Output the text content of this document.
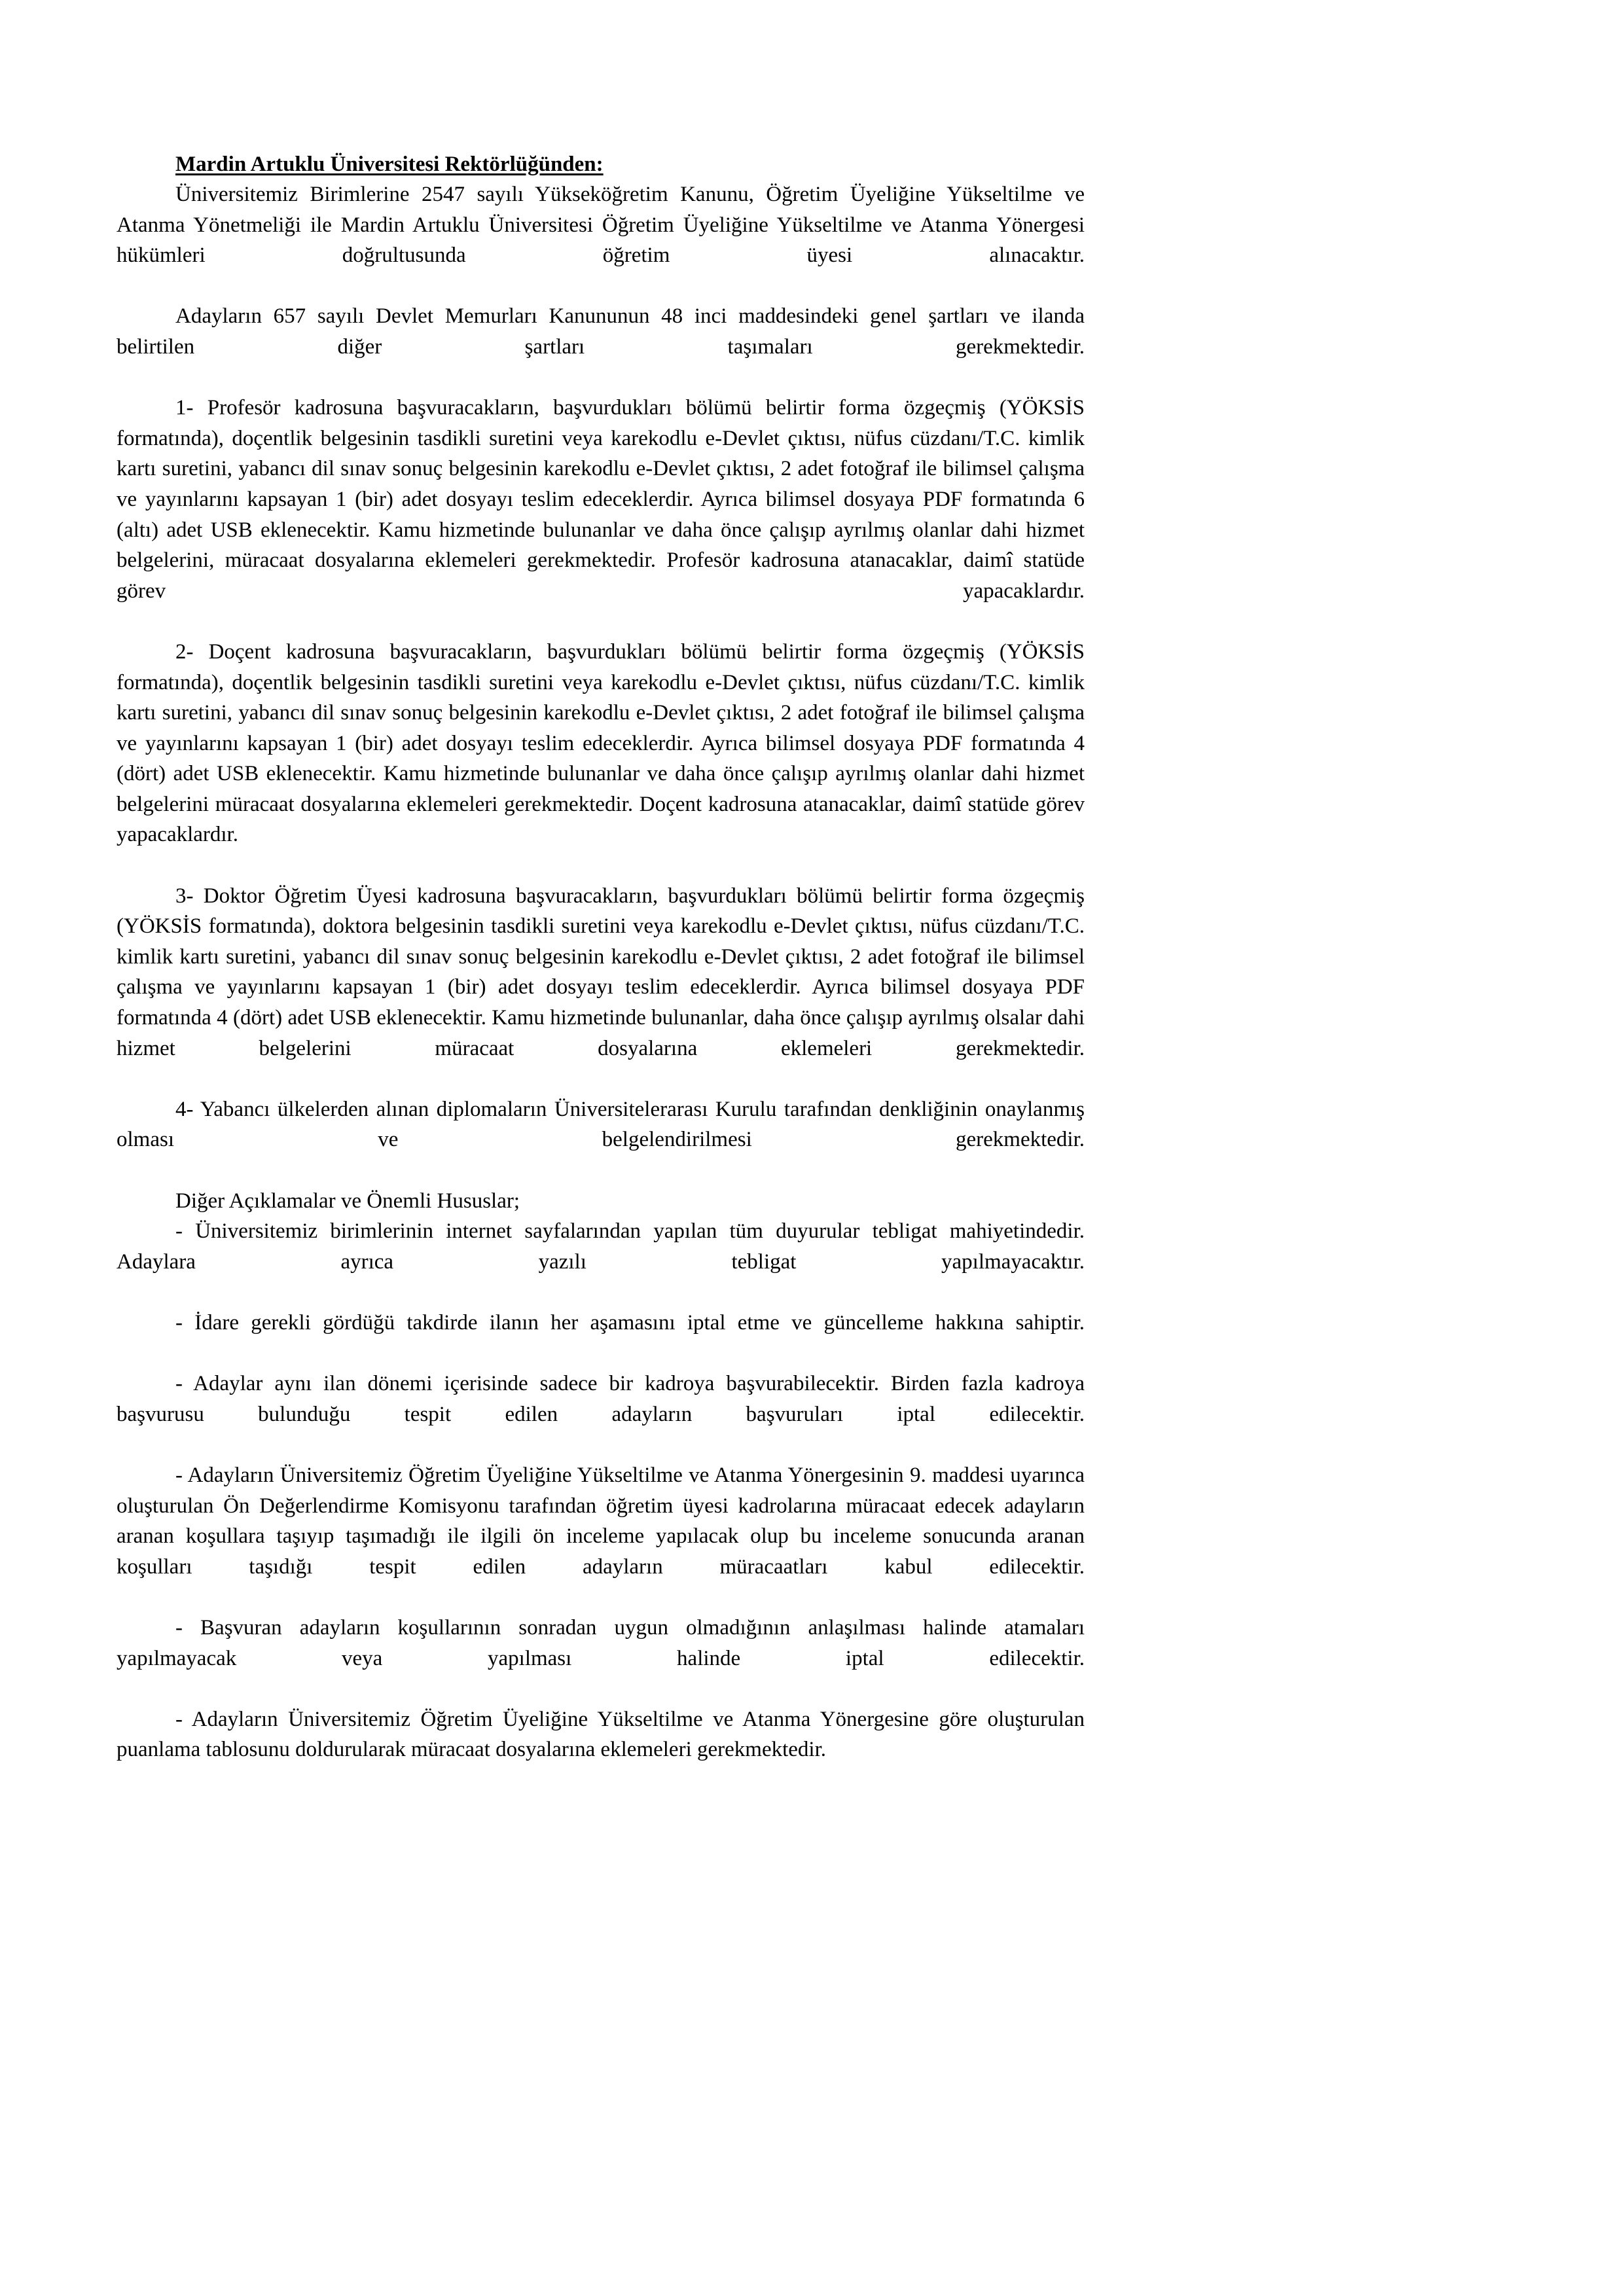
Mardin Artuklu Üniversitesi Rektörlüğünden:

Üniversitemiz Birimlerine 2547 sayılı Yükseköğretim Kanunu, Öğretim Üyeliğine Yükseltilme ve Atanma Yönetmeliği ile Mardin Artuklu Üniversitesi Öğretim Üyeliğine Yükseltilme ve Atanma Yönergesi hükümleri doğrultusunda öğretim üyesi alınacaktır.

Adayların 657 sayılı Devlet Memurları Kanununun 48 inci maddesindeki genel şartları ve ilanda belirtilen diğer şartları taşımaları gerekmektedir.

1- Profesör kadrosuna başvuracakların, başvurdukları bölümü belirtir forma özgeçmiş (YÖKSİS formatında), doçentlik belgesinin tasdikli suretini veya karekodlu e-Devlet çıktısı, nüfus cüzdanı/T.C. kimlik kartı suretini, yabancı dil sınav sonuç belgesinin karekodlu e-Devlet çıktısı, 2 adet fotoğraf ile bilimsel çalışma ve yayınlarını kapsayan 1 (bir) adet dosyayı teslim edeceklerdir. Ayrıca bilimsel dosyaya PDF formatında 6 (altı) adet USB eklenecektir. Kamu hizmetinde bulunanlar ve daha önce çalışıp ayrılmış olanlar dahi hizmet belgelerini, müracaat dosyalarına eklemeleri gerekmektedir. Profesör kadrosuna atanacaklar, daimî statüde görev yapacaklardır.

2- Doçent kadrosuna başvuracakların, başvurdukları bölümü belirtir forma özgeçmiş (YÖKSİS formatında), doçentlik belgesinin tasdikli suretini veya karekodlu e-Devlet çıktısı, nüfus cüzdanı/T.C. kimlik kartı suretini, yabancı dil sınav sonuç belgesinin karekodlu e-Devlet çıktısı, 2 adet fotoğraf ile bilimsel çalışma ve yayınlarını kapsayan 1 (bir) adet dosyayı teslim edeceklerdir. Ayrıca bilimsel dosyaya PDF formatında 4 (dört) adet USB eklenecektir. Kamu hizmetinde bulunanlar ve daha önce çalışıp ayrılmış olanlar dahi hizmet belgelerini müracaat dosyalarına eklemeleri gerekmektedir. Doçent kadrosuna atanacaklar, daimî statüde görev yapacaklardır.

3- Doktor Öğretim Üyesi kadrosuna başvuracakların, başvurdukları bölümü belirtir forma özgeçmiş (YÖKSİS formatında), doktora belgesinin tasdikli suretini veya karekodlu e-Devlet çıktısı, nüfus cüzdanı/T.C. kimlik kartı suretini, yabancı dil sınav sonuç belgesinin karekodlu e-Devlet çıktısı, 2 adet fotoğraf ile bilimsel çalışma ve yayınlarını kapsayan 1 (bir) adet dosyayı teslim edeceklerdir. Ayrıca bilimsel dosyaya PDF formatında 4 (dört) adet USB eklenecektir. Kamu hizmetinde bulunanlar, daha önce çalışıp ayrılmış olsalar dahi hizmet belgelerini müracaat dosyalarına eklemeleri gerekmektedir.

4- Yabancı ülkelerden alınan diplomaların Üniversitelerarası Kurulu tarafından denkliğinin onaylanmış olması ve belgelendirilmesi gerekmektedir.

Diğer Açıklamalar ve Önemli Hususlar;

- Üniversitemiz birimlerinin internet sayfalarından yapılan tüm duyurular tebligat mahiyetindedir. Adaylara ayrıca yazılı tebligat yapılmayacaktır.

- İdare gerekli gördüğü takdirde ilanın her aşamasını iptal etme ve güncelleme hakkına sahiptir.

- Adaylar aynı ilan dönemi içerisinde sadece bir kadroya başvurabilecektir. Birden fazla kadroya başvurusu bulunduğu tespit edilen adayların başvuruları iptal edilecektir.

- Adayların Üniversitemiz Öğretim Üyeliğine Yükseltilme ve Atanma Yönergesinin 9. maddesi uyarınca oluşturulan Ön Değerlendirme Komisyonu tarafından öğretim üyesi kadrolarına müracaat edecek adayların aranan koşullara taşıyıp taşımadığı ile ilgili ön inceleme yapılacak olup bu inceleme sonucunda aranan koşulları taşıdığı tespit edilen adayların müracaatları kabul edilecektir.

- Başvuran adayların koşullarının sonradan uygun olmadığının anlaşılması halinde atamaları yapılmayacak veya yapılması halinde iptal edilecektir.

- Adayların Üniversitemiz Öğretim Üyeliğine Yükseltilme ve Atanma Yönergesine göre oluşturulan puanlama tablosunu doldurularak müracaat dosyalarına eklemeleri gerekmektedir.
